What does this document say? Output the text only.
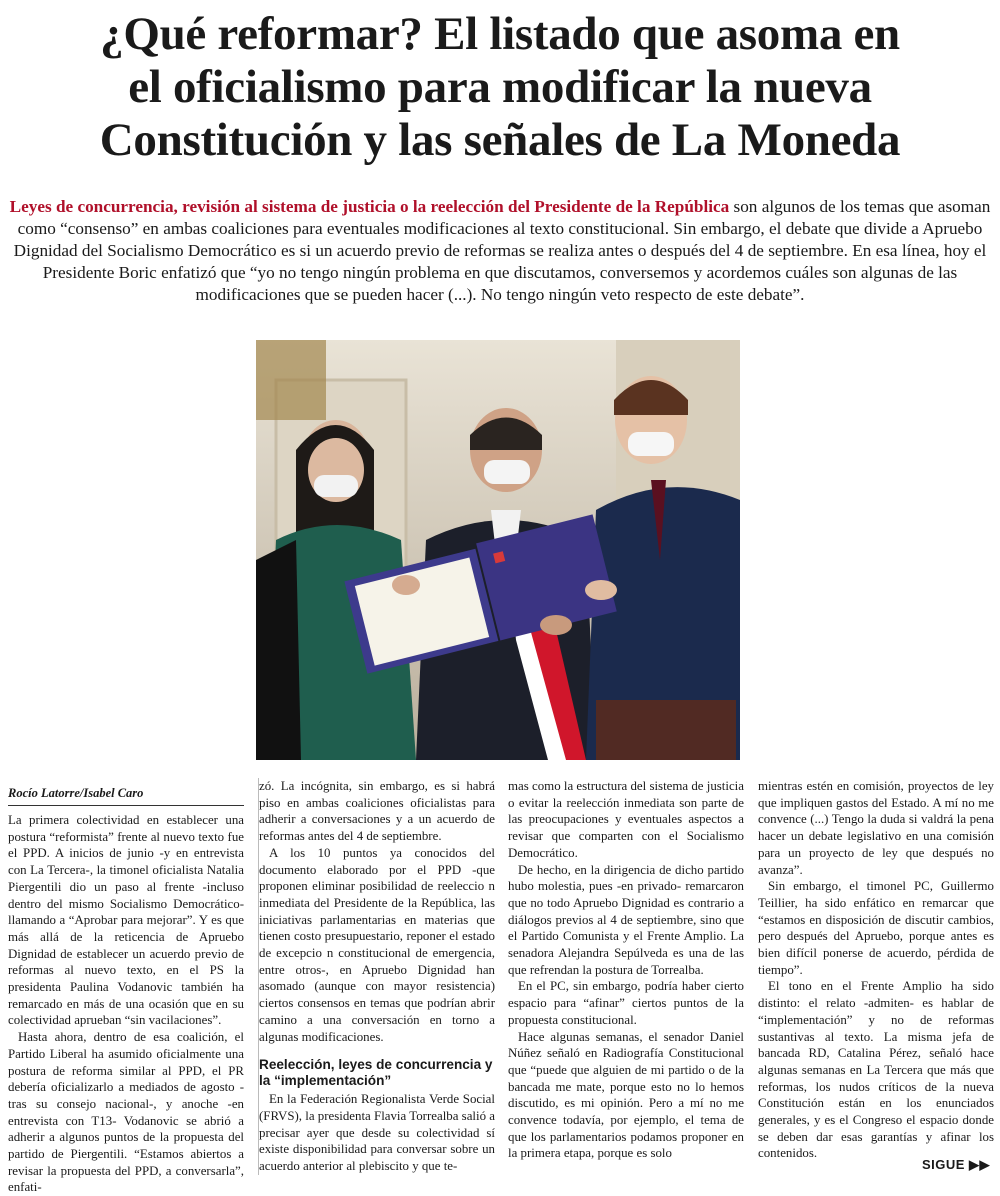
¿Qué reformar? El listado que asoma en
el oficialismo para modificar la nueva
Constitución y las señales de La Moneda

Leyes de concurrencia, revisión al sistema de justicia o la reelección del Presidente de la República son algunos de los temas que asoman como “consenso” en ambas coaliciones para eventuales modificaciones al texto constitucional. Sin embargo, el debate que divide a Apruebo Dignidad del Socialismo Democrático es si un acuerdo previo de reformas se realiza antes o después del 4 de septiembre. En esa línea, hoy el Presidente Boric enfatizó que “yo no tengo ningún problema en que discutamos, conversemos y acordemos cuáles son algunas de las modificaciones que se pueden hacer (...). No tengo ningún veto respecto de este debate”.

Rocío Latorre/Isabel Caro

La primera colectividad en establecer una postura “reformista” frente al nuevo texto fue el PPD. A inicios de junio -y en entrevista con La Tercera-, la timonel oficialista Natalia Piergentili dio un paso al frente -incluso dentro del mismo Socialismo Democrático- llamando a “Aprobar para mejorar”. Y es que más allá de la reticencia de Apruebo Dignidad de establecer un acuerdo previo de reformas al nuevo texto, en el PS la presidenta Paulina Vodanovic también ha remarcado en más de una ocasión que en su colectividad aprueban “sin vacilaciones”.

Hasta ahora, dentro de esa coalición, el Partido Liberal ha asumido oficialmente una postura de reforma similar al PPD, el PR debería oficializarlo a mediados de agosto -tras su consejo nacional-, y anoche -en entrevista con T13- Vodanovic se abrió a adherir a algunos puntos de la propuesta del partido de Piergentili. “Estamos abiertos a revisar la propuesta del PPD, a conversarla”, enfati-

zó. La incógnita, sin embargo, es si habrá piso en ambas coaliciones oficialistas para adherir a conversaciones y a un acuerdo de reformas antes del 4 de septiembre.

A los 10 puntos ya conocidos del documento elaborado por el PPD -que proponen eliminar posibilidad de reeleccio n inmediata del Presidente de la República, las iniciativas parlamentarias en materias que tienen costo presupuestario, reponer el estado de excepcio n constitucional de emergencia, entre otros-, en Apruebo Dignidad han asomado (aunque con mayor resistencia) ciertos consensos en temas que podrían abrir camino a una conversación en torno a algunas modificaciones.

Reelección, leyes de concurrencia y la “implementación”

En la Federación Regionalista Verde Social (FRVS), la presidenta Flavia Torrealba salió a precisar ayer que desde su colectividad sí existe disponibilidad para conversar sobre un acuerdo anterior al plebiscito y que te-

mas como la estructura del sistema de justicia o evitar la reelección inmediata son parte de las preocupaciones y eventuales aspectos a revisar que comparten con el Socialismo Democrático.

De hecho, en la dirigencia de dicho partido hubo molestia, pues -en privado- remarcaron que no todo Apruebo Dignidad es contrario a diálogos previos al 4 de septiembre, sino que el Partido Comunista y el Frente Amplio. La senadora Alejandra Sepúlveda es una de las que refrendan la postura de Torrealba.

En el PC, sin embargo, podría haber cierto espacio para “afinar” ciertos puntos de la propuesta constitucional.

Hace algunas semanas, el senador Daniel Núñez señaló en Radiografía Constitucional que “puede que alguien de mi partido o de la bancada me mate, porque esto no lo hemos discutido, es mi opinión. Pero a mí no me convence todavía, por ejemplo, el tema de que los parlamentarios podamos proponer en la primera etapa, porque es solo

mientras estén en comisión, proyectos de ley que impliquen gastos del Estado. A mí no me convence (...) Tengo la duda si valdrá la pena hacer un debate legislativo en una comisión para un proyecto de ley que después no avanza”.

Sin embargo, el timonel PC, Guillermo Teillier, ha sido enfático en remarcar que “estamos en disposición de discutir cambios, pero después del Apruebo, porque antes es bien difícil ponerse de acuerdo, pérdida de tiempo”.

El tono en el Frente Amplio ha sido distinto: el relato -admiten- es hablar de “implementación” y no de reformas sustantivas al texto. La misma jefa de bancada RD, Catalina Pérez, señaló hace algunas semanas en La Tercera que más que reformas, los nudos críticos de la nueva Constitución están en los enunciados generales, y es el Congreso el espacio donde se deben dar esas garantías y afinar los contenidos.

SIGUE ▶▶
